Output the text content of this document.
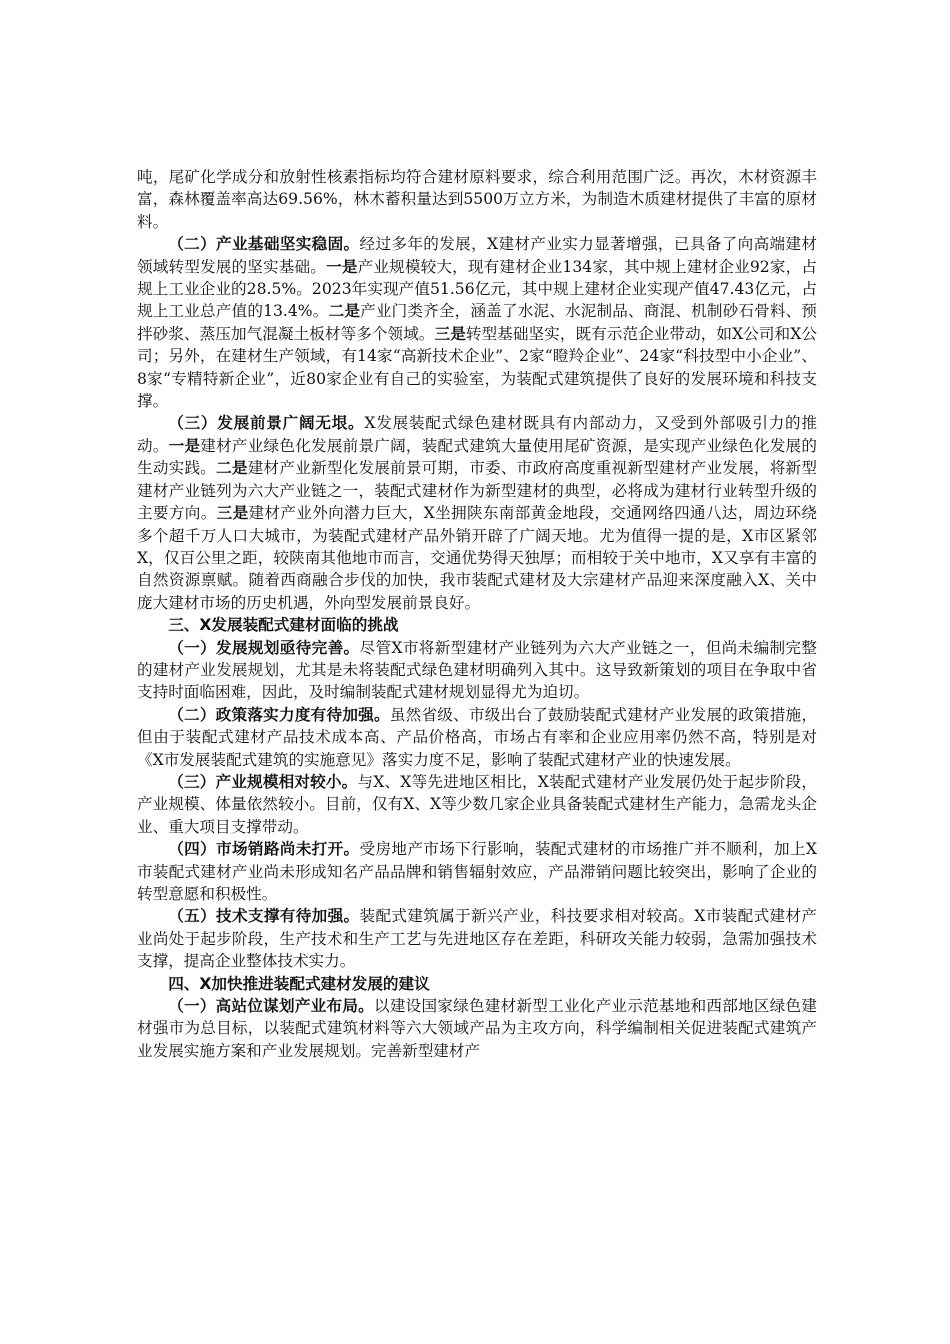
吨，尾矿化学成分和放射性核素指标均符合建材原料要求，综合利用范围广泛。再次，木材资源丰富，森林覆盖率高达69.56%，林木蓄积量达到5500万立方米，为制造木质建材提供了丰富的原材料。

（二）产业基础坚实稳固。经过多年的发展，X建材产业实力显著增强，已具备了向高端建材领域转型发展的坚实基础。一是产业规模较大，现有建材企业134家，其中规上建材企业92家，占规上工业企业的28.5%。2023年实现产值51.56亿元，其中规上建材企业实现产值47.43亿元，占规上工业总产值的13.4%。二是产业门类齐全，涵盖了水泥、水泥制品、商混、机制砂石骨料、预拌砂浆、蒸压加气混凝土板材等多个领域。三是转型基础坚实，既有示范企业带动，如X公司和X公司；另外，在建材生产领域，有14家“高新技术企业”、2家“瞪羚企业”、24家“科技型中小企业”、8家“专精特新企业”，近80家企业有自己的实验室，为装配式建筑提供了良好的发展环境和科技支撑。

（三）发展前景广阔无垠。X发展装配式绿色建材既具有内部动力，又受到外部吸引力的推动。一是建材产业绿色化发展前景广阔，装配式建筑大量使用尾矿资源，是实现产业绿色化发展的生动实践。二是建材产业新型化发展前景可期，市委、市政府高度重视新型建材产业发展，将新型建材产业链列为六大产业链之一，装配式建材作为新型建材的典型，必将成为建材行业转型升级的主要方向。三是建材产业外向潜力巨大，X坐拥陕东南部黄金地段，交通网络四通八达，周边环绕多个超千万人口大城市，为装配式建材产品外销开辟了广阔天地。尤为值得一提的是，X市区紧邻X，仅百公里之距，较陕南其他地市而言，交通优势得天独厚；而相较于关中地市，X又享有丰富的自然资源禀赋。随着西商融合步伐的加快，我市装配式建材及大宗建材产品迎来深度融入X、关中庞大建材市场的历史机遇，外向型发展前景良好。

三、X发展装配式建材面临的挑战

（一）发展规划亟待完善。尽管X市将新型建材产业链列为六大产业链之一，但尚未编制完整的建材产业发展规划，尤其是未将装配式绿色建材明确列入其中。这导致新策划的项目在争取中省支持时面临困难，因此，及时编制装配式建材规划显得尤为迫切。

（二）政策落实力度有待加强。虽然省级、市级出台了鼓励装配式建材产业发展的政策措施，但由于装配式建材产品技术成本高、产品价格高，市场占有率和企业应用率仍然不高，特别是对《X市发展装配式建筑的实施意见》落实力度不足，影响了装配式建材产业的快速发展。

（三）产业规模相对较小。与X、X等先进地区相比，X装配式建材产业发展仍处于起步阶段，产业规模、体量依然较小。目前，仅有X、X等少数几家企业具备装配式建材生产能力，急需龙头企业、重大项目支撑带动。

（四）市场销路尚未打开。受房地产市场下行影响，装配式建材的市场推广并不顺利，加上X市装配式建材产业尚未形成知名产品品牌和销售辐射效应，产品滞销问题比较突出，影响了企业的转型意愿和积极性。

（五）技术支撑有待加强。装配式建筑属于新兴产业，科技要求相对较高。X市装配式建材产业尚处于起步阶段，生产技术和生产工艺与先进地区存在差距，科研攻关能力较弱，急需加强技术支撑，提高企业整体技术实力。

四、X加快推进装配式建材发展的建议

（一）高站位谋划产业布局。以建设国家绿色建材新型工业化产业示范基地和西部地区绿色建材强市为总目标，以装配式建筑材料等六大领域产品为主攻方向，科学编制相关促进装配式建筑产业发展实施方案和产业发展规划。完善新型建材产
